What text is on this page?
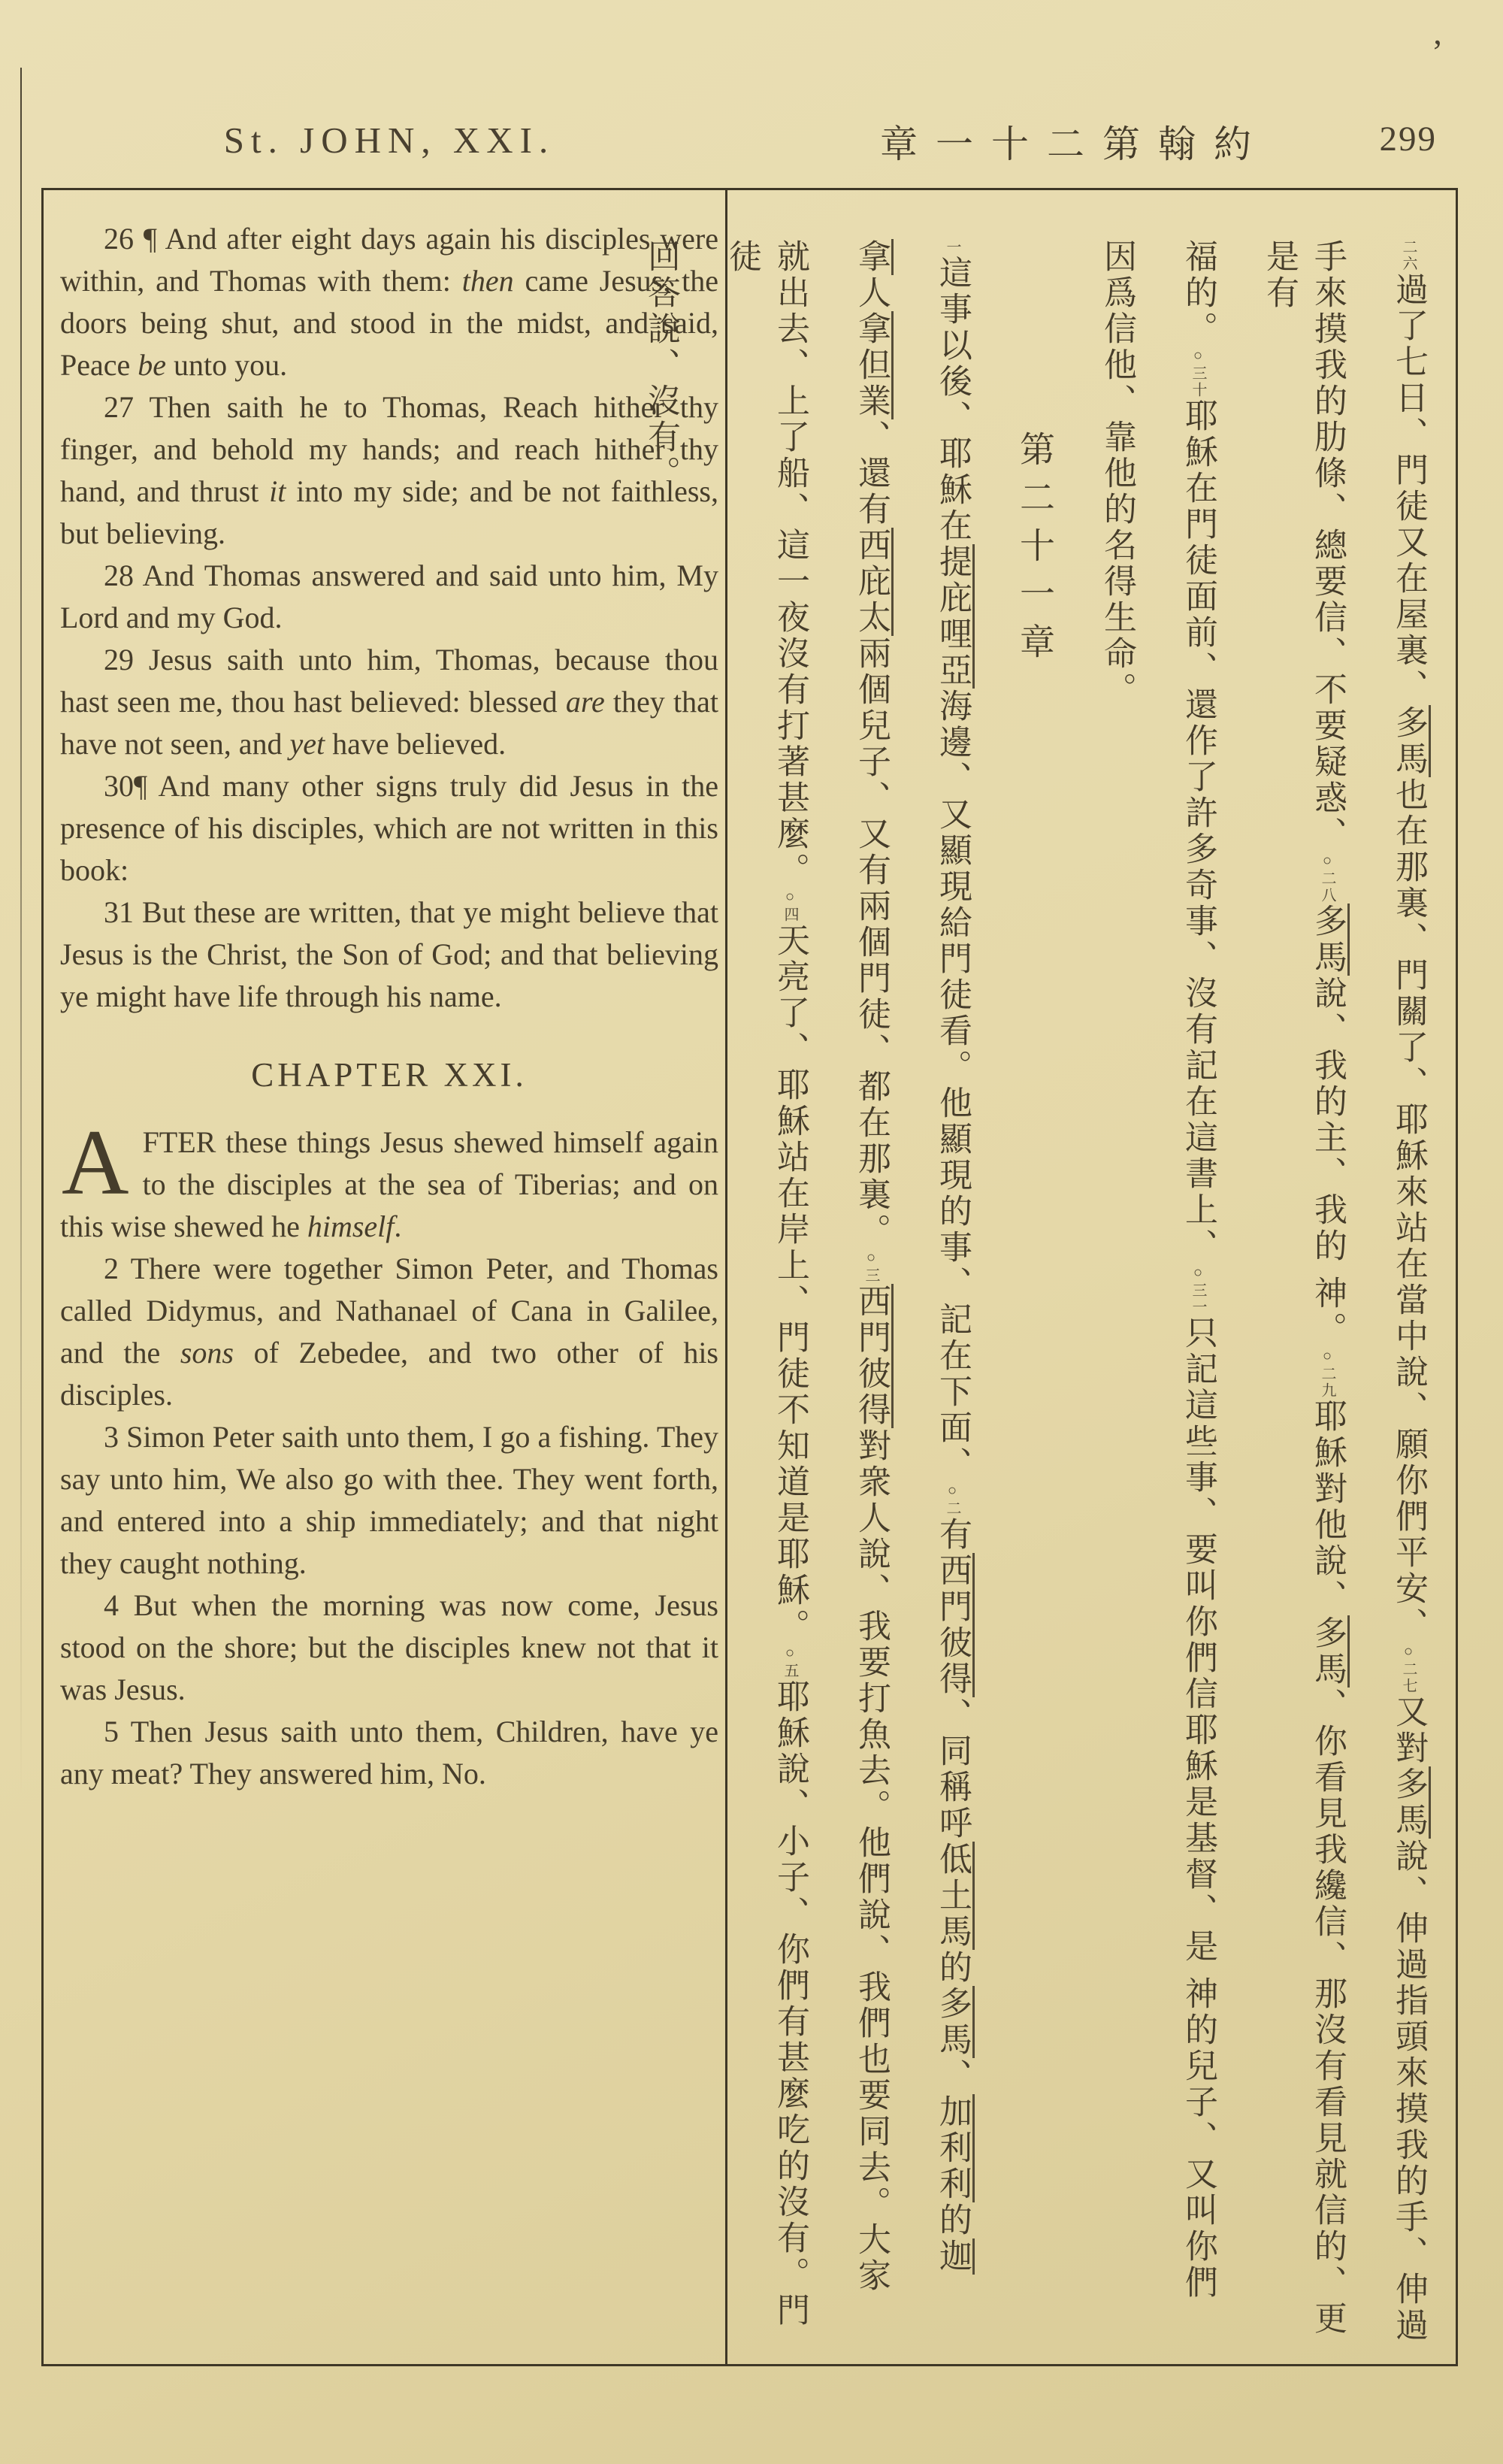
’
St. JOHN, XXI.	章一十二第翰約	299

26 ¶ And after eight days again his disciples were within, and Thomas with them: then came Jesus, the doors being shut, and stood in the midst, and said, Peace be unto you.

27 Then saith he to Thomas, Reach hither thy finger, and behold my hands; and reach hither thy hand, and thrust it into my side; and be not faithless, but believing.

28 And Thomas answered and said unto him, My Lord and my God.

29 Jesus saith unto him, Thomas, because thou hast seen me, thou hast believed: blessed are they that have not seen, and yet have believed.

30¶ And many other signs truly did Jesus in the presence of his disciples, which are not written in this book:

31 But these are written, that ye might believe that Jesus is the Christ, the Son of God; and that believing ye might have life through his name.

CHAPTER XXI.

AFTER these things Jesus shewed himself again to the disciples at the sea of Tiberias; and on this wise shewed he himself.

2 There were together Simon Peter, and Thomas called Didymus, and Nathanael of Cana in Galilee, and the sons of Zebedee, and two other of his disciples.

3 Simon Peter saith unto them, I go a fishing. They say unto him, We also go with thee. They went forth, and entered into a ship immediately; and that night they caught nothing.

4 But when the morning was now come, Jesus stood on the shore; but the disciples knew not that it was Jesus.

5 Then Jesus saith unto them, Children, have ye any meat? They answered him, No.

二六過了七日、門徒又在屋裏、多馬也在那裏、門關了、耶穌來站在當中說、願你們平安、○二七又對多馬說、伸過指頭來摸我的手、伸過
手來摸我的肋條、總要信、不要疑惑、○二八多馬說、我的主、我的 神。○二九耶穌對他說、多馬、你看見我纔信、那沒有看見就信的、更是有
福的。○三十耶穌在門徒面前、還作了許多奇事、沒有記在這書上、○三一只記這些事、要叫你們信耶穌是基督、是 神的兒子、又叫你們
因爲信他、靠他的名得生命。
第二十一章
一這事以後、耶穌在提庇哩亞海邊、又顯現給門徒看。他顯現的事、記在下面、○二有西門彼得、同稱呼低土馬的多馬、加利利的迦
拿人拿但業、還有西庇太兩個兒子、又有兩個門徒、都在那裏。○三西門彼得對衆人說、我要打魚去。他們說、我們也要同去。大家
就出去、上了船、這一夜沒有打著甚麼。○四天亮了、耶穌站在岸上、門徒不知道是耶穌。○五耶穌說、小子、你們有甚麼吃的沒有。門徒
回答說、沒有。
